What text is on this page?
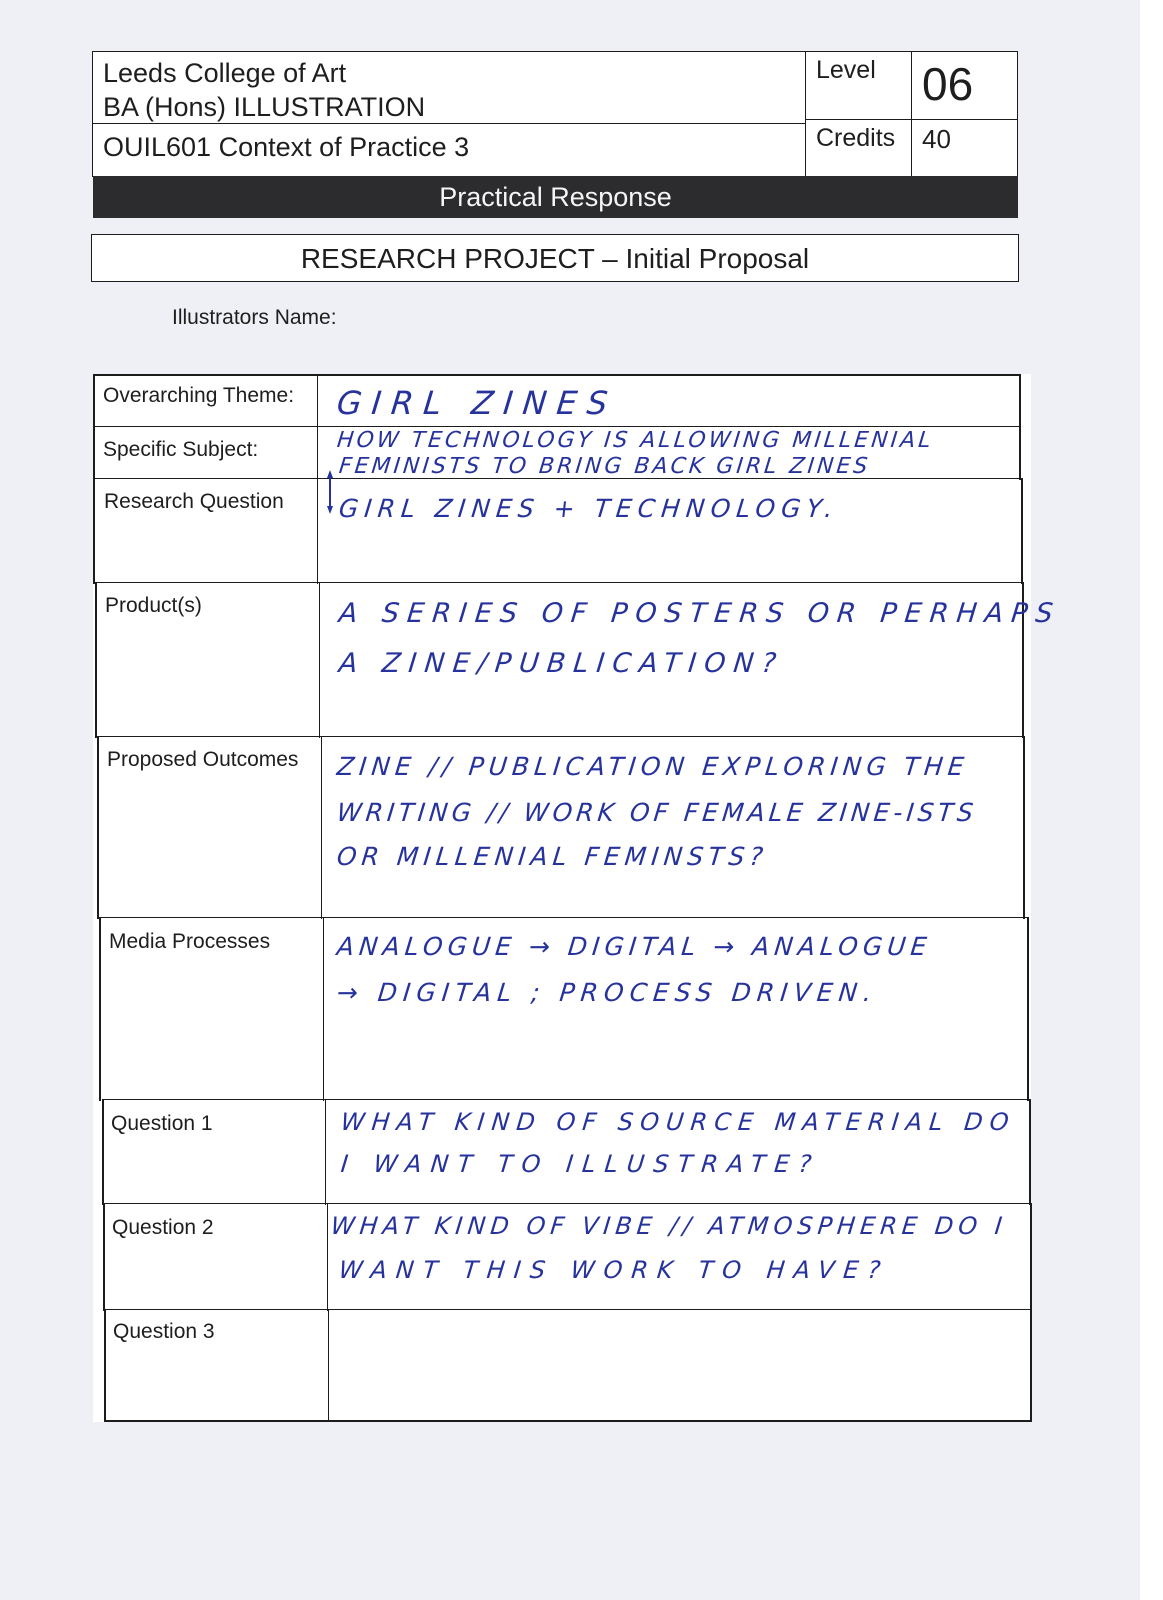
Leeds College of Art
BA (Hons) ILLUSTRATION
OUIL601 Context of Practice 3
Level	06
Credits	40
Practical Response
RESEARCH PROJECT – Initial Proposal
Illustrators Name:
Overarching Theme:
Specific Subject:
Research Question
Product(s)
Proposed Outcomes
Media Processes
Question 1
Question 2
Question 3
GIRL ZINES
HOW TECHNOLOGY IS ALLOWING MILLENIAL
FEMINISTS TO BRING BACK GIRL ZINES
GIRL ZINES + TECHNOLOGY.
A SERIES OF POSTERS OR PERHAPS
A ZINE/PUBLICATION?
ZINE // PUBLICATION EXPLORING THE
WRITING // WORK OF FEMALE ZINE-ISTS
OR MILLENIAL FEMINSTS?
ANALOGUE → DIGITAL → ANALOGUE
→ DIGITAL ; PROCESS DRIVEN.
WHAT KIND OF SOURCE MATERIAL DO
I WANT TO ILLUSTRATE?
WHAT KIND OF VIBE // ATMOSPHERE DO I
WANT THIS WORK TO HAVE?
